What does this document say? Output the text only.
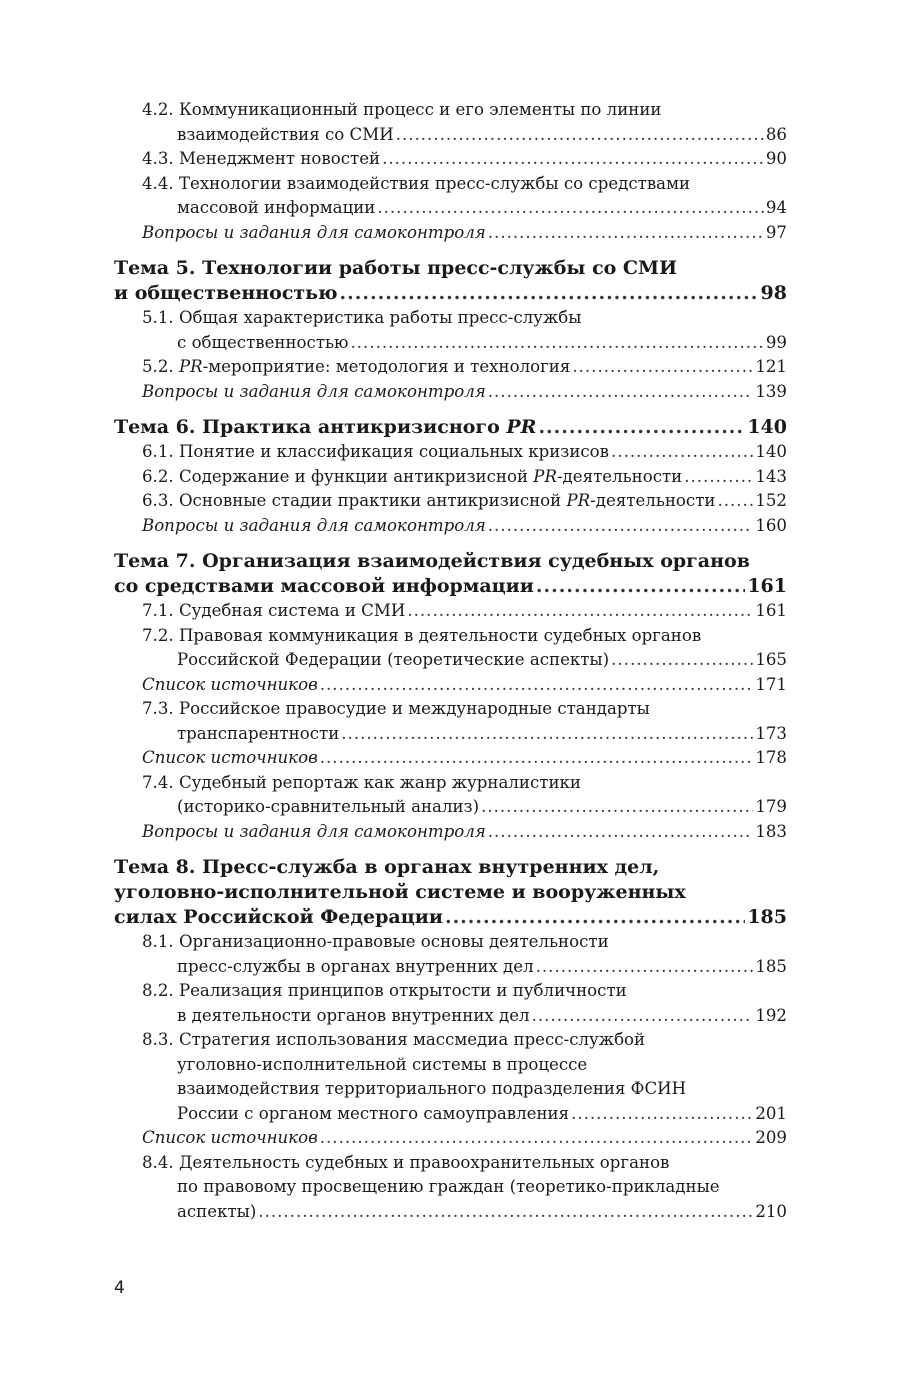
4.2. Коммуникационный процесс и его элементы по линии
взаимодействия со СМИ .....	86
4.3. Менеджмент новостей .....	90
4.4. Технологии взаимодействия пресс-службы со средствами
массовой информации .....	94
Вопросы и задания для самоконтроля .....	97
Тема 5. Технологии работы пресс-службы со СМИ
и общественностью .....	98
5.1. Общая характеристика работы пресс-службы
с общественностью .....	99
5.2. PR-мероприятие: методология и технология .....	121
Вопросы и задания для самоконтроля .....	139
Тема 6. Практика антикризисного PR .....	140
6.1. Понятие и классификация социальных кризисов .....	140
6.2. Содержание и функции антикризисной PR-деятельности .....	143
6.3. Основные стадии практики антикризисной PR-деятельности ..... 152
Вопросы и задания для самоконтроля .....	160
Тема 7. Организация взаимодействия судебных органов
со средствами массовой информации .....	161
7.1. Судебная система и СМИ .....	161
7.2. Правовая коммуникация в деятельности судебных органов
Российской Федерации (теоретические аспекты) .....	165
Список источников .....	171
7.3. Российское правосудие и международные стандарты
транспарентности .....	173
Список источников .....	178
7.4. Судебный репортаж как жанр журналистики
(историко-сравнительный анализ) .....	179
Вопросы и задания для самоконтроля .....	183
Тема 8. Пресс-служба в органах внутренних дел,
уголовно-исполнительной системе и вооруженных
силах Российской Федерации .....	185
8.1. Организационно-правовые основы деятельности
пресс-службы в органах внутренних дел .....	185
8.2. Реализация принципов открытости и публичности
в деятельности органов внутренних дел .....	192
8.3. Стратегия использования массмедиа пресс-службой
уголовно-исполнительной системы в процессе
взаимодействия территориального подразделения ФСИН
России с органом местного самоуправления .....	201
Список источников .....	209
8.4. Деятельность судебных и правоохранительных органов
по правовому просвещению граждан (теоретико-прикладные
аспекты) .....	210
4
